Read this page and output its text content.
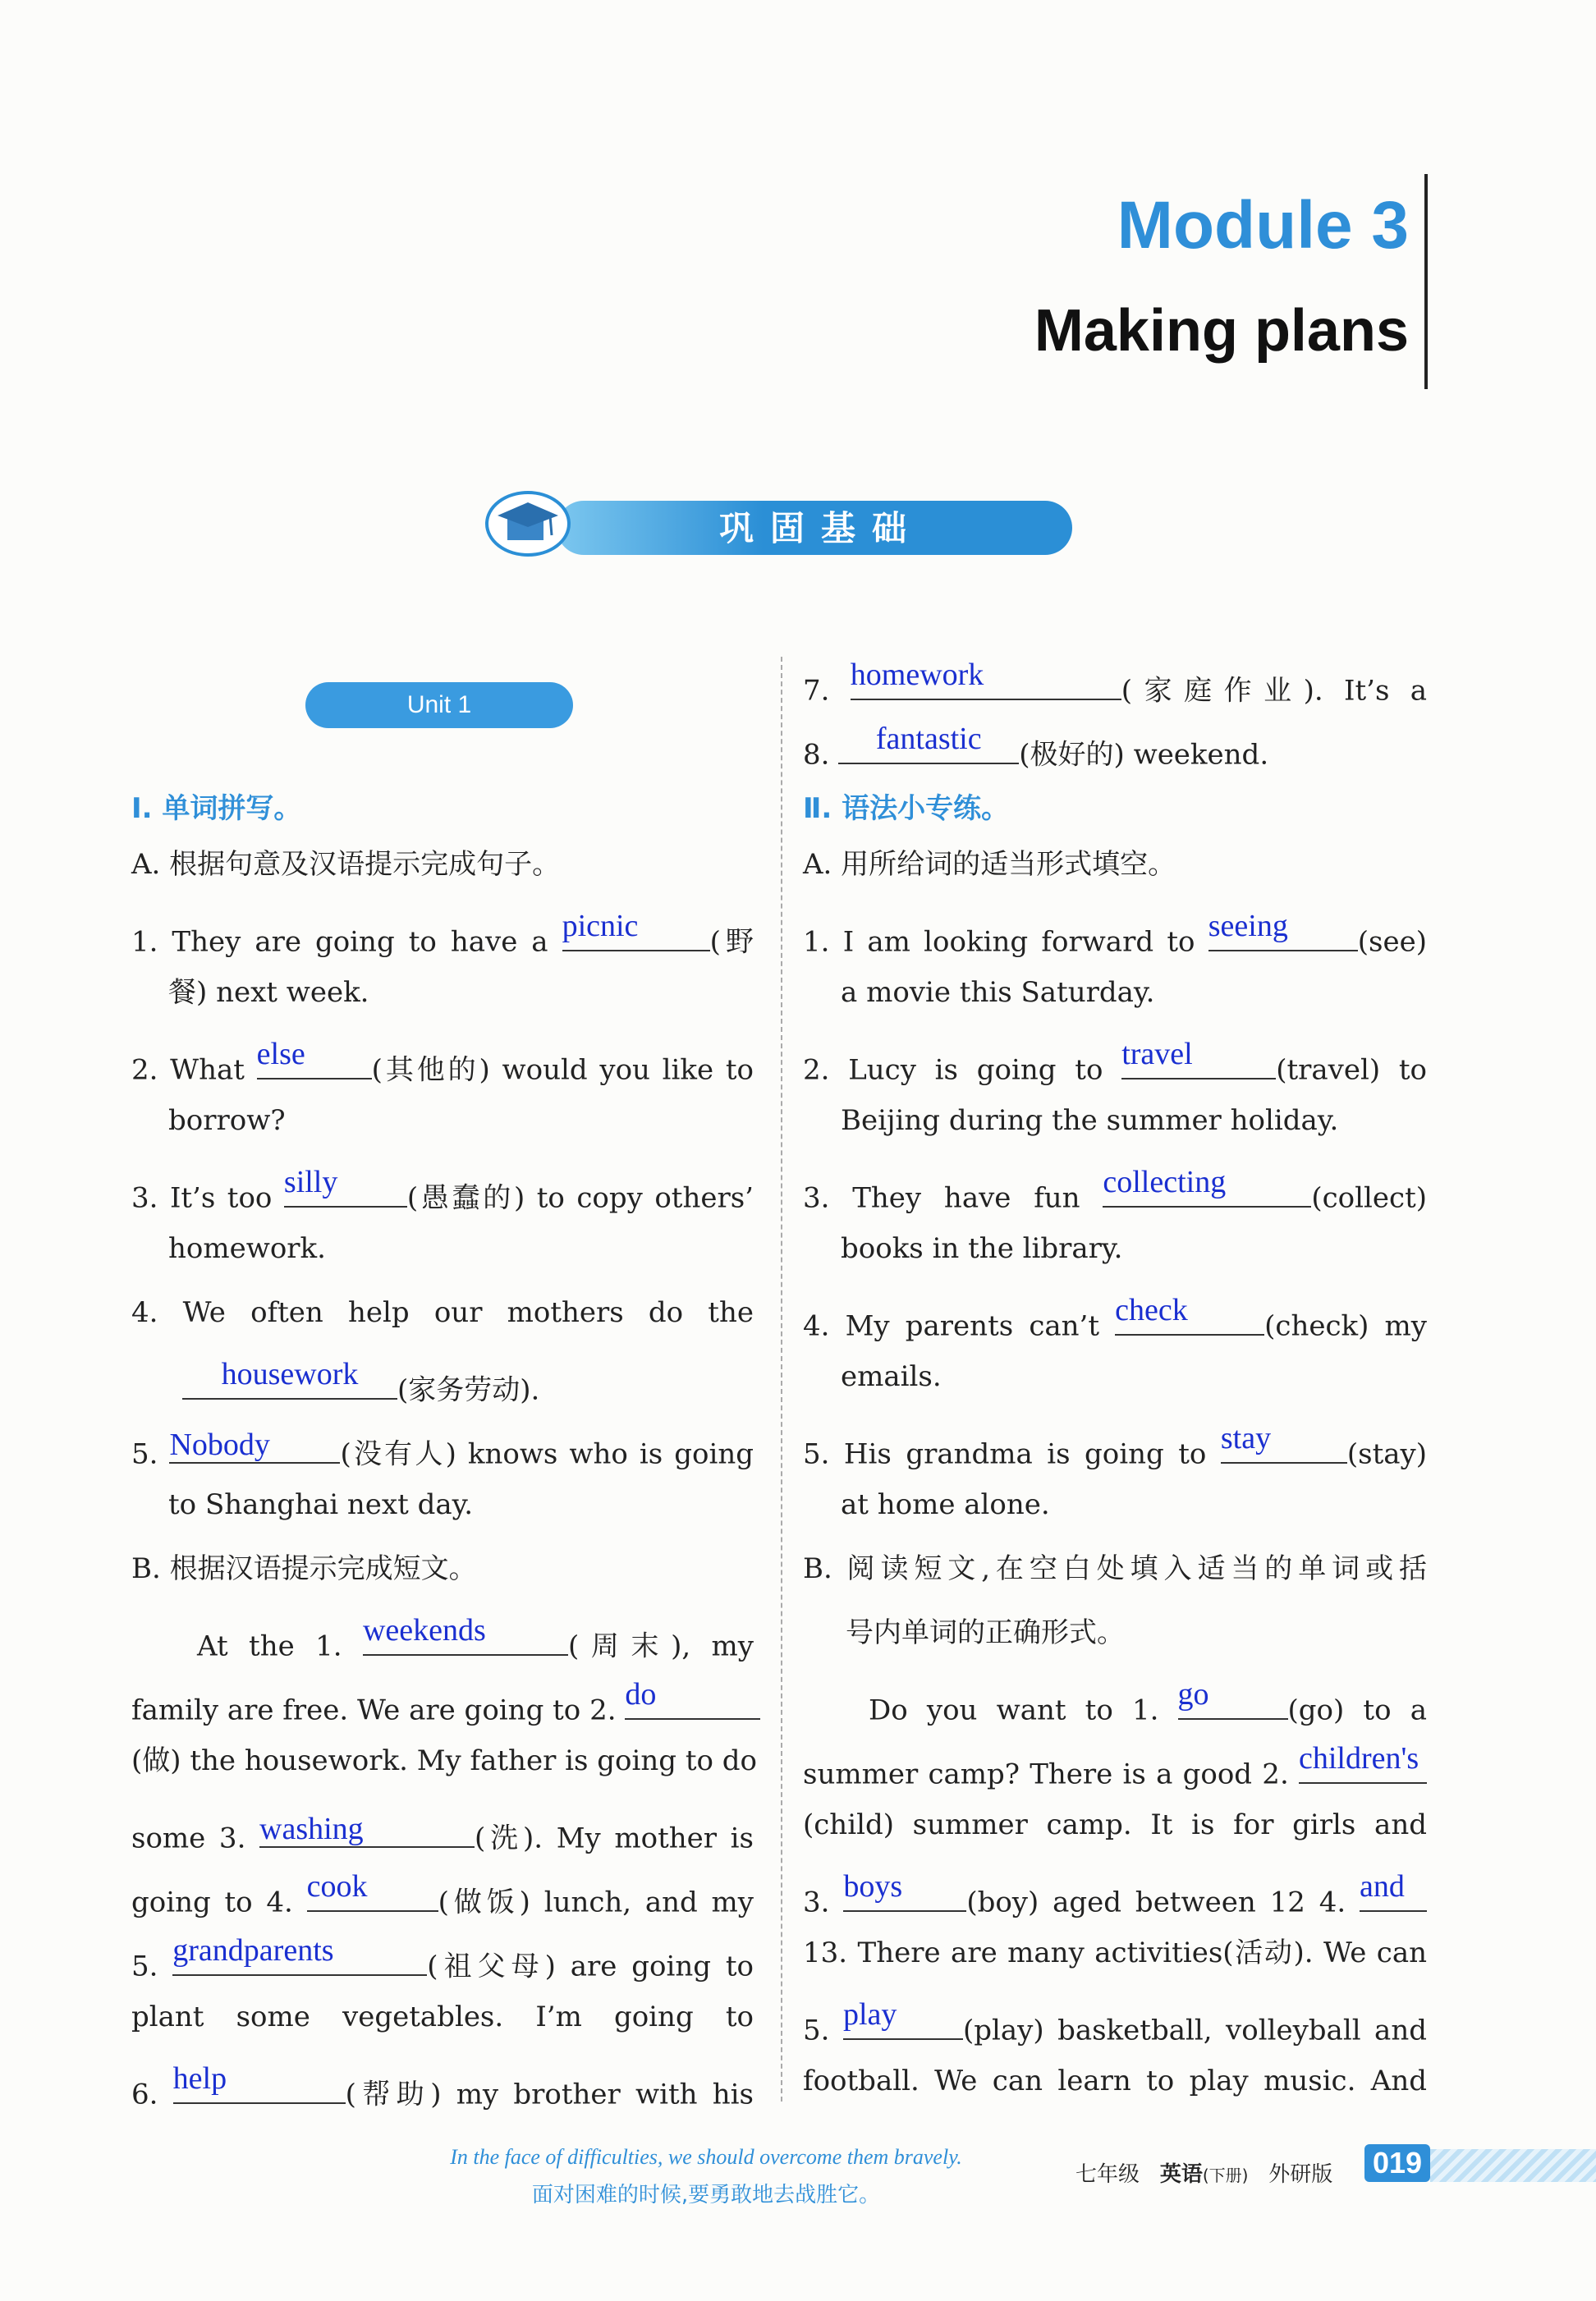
Module 3
Making plans
巩固基础
Unit 1
Ⅰ. 单词拼写。
A. 根据句意及汉语提示完成句子。
1. They are going to have a picnic	(野
餐) next week.
2. What else	(其他的) would you like to
borrow?
3. It’s too silly	(愚蠢的) to copy others’
homework.
4. We often help our mothers do the
housework	(家务劳动).
5. Nobody	(没有人) knows who is going
to Shanghai next day.
B. 根据汉语提示完成短文。
At the 1. weekends	(周末), my
family are free. We are going to 2. do
(做) the housework. My father is going to do
some 3. washing	(洗). My mother is
going to 4. cook	(做饭) lunch, and my
5. grandparents	(祖父母) are going to
plant some vegetables. I’m going to
6. help	(帮助) my brother with his
7. homework	(家庭作业). It’s a
8.	fantastic	(极好的) weekend.
Ⅱ. 语法小专练。
A. 用所给词的适当形式填空。
1. I am looking forward to seeing	(see)
a movie this Saturday.
2. Lucy is going to travel	(travel) to
Beijing during the summer holiday.
3. They have fun collecting	(collect)
books in the library.
4. My parents can’t check	(check) my
emails.
5. His grandma is going to stay	(stay)
at home alone.
B. 阅读短文,在空白处填入适当的单词或括
号内单词的正确形式。
Do you want to 1. go	(go) to a
summer camp? There is a good 2. children's
(child) summer camp. It is for girls and
3. boys	(boy) aged between 12 4. and
13. There are many activities(活动). We can
5. play	(play) basketball, volleyball and
football. We can learn to play music. And
In the face of difficulties, we should overcome them bravely.
面对困难的时候,要勇敢地去战胜它。
七年级 英语(下册) 外研版 019
